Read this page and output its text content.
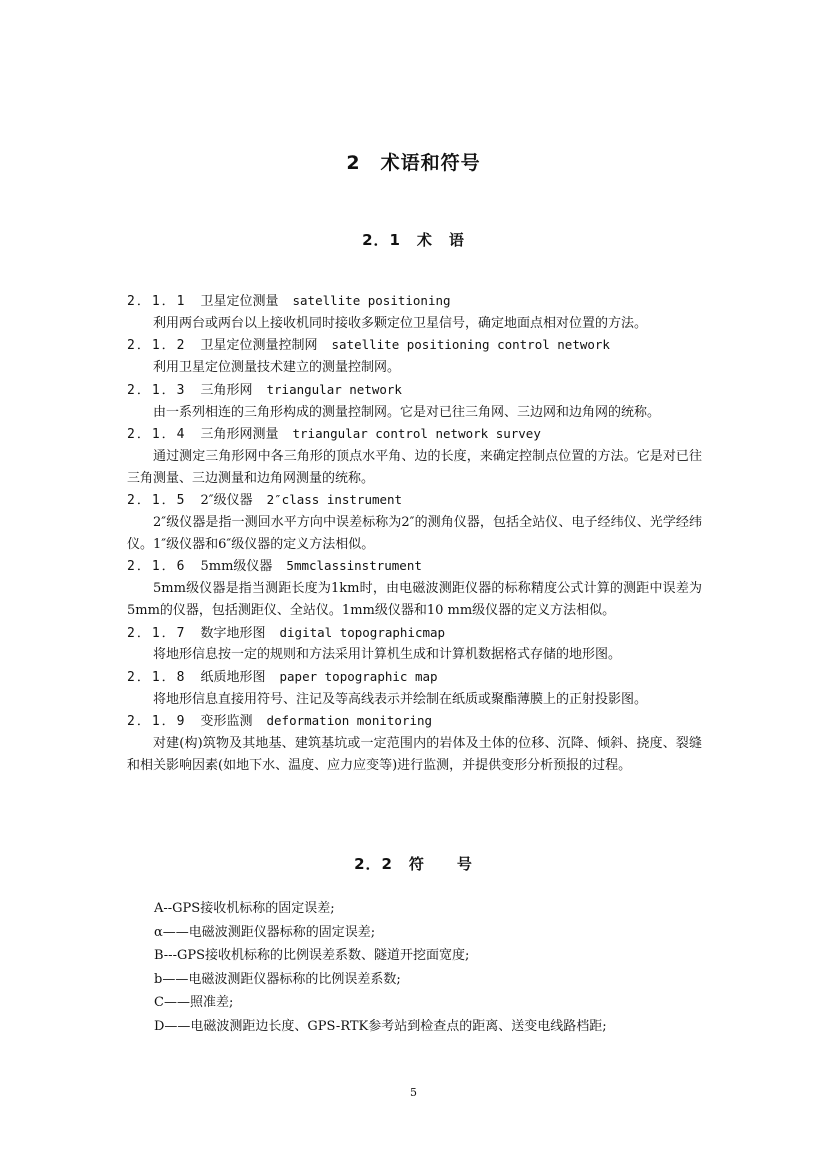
2　术语和符号
2．1　术　语
2．1．1 卫星定位测量 satellite positioning
利用两台或两台以上接收机同时接收多颗定位卫星信号，确定地面点相对位置的方法。
2．1．2 卫星定位测量控制网 satellite positioning control network
利用卫星定位测量技术建立的测量控制网。
2．1．3 三角形网 triangular network
由一系列相连的三角形构成的测量控制网。它是对已往三角网、三边网和边角网的统称。
2．1．4 三角形网测量 triangular control network survey
通过测定三角形网中各三角形的顶点水平角、边的长度，来确定控制点位置的方法。它是对已往三角测量、三边测量和边角网测量的统称。
2．1．5 2″级仪器 2″class instrument
2″级仪器是指一测回水平方向中误差标称为2″的测角仪器，包括全站仪、电子经纬仪、光学经纬仪。1″级仪器和6″级仪器的定义方法相似。
2．1．6 5mm级仪器 5mmclassinstrument
5mm级仪器是指当测距长度为1km时，由电磁波测距仪器的标称精度公式计算的测距中误差为5mm的仪器，包括测距仪、全站仪。1mm级仪器和10 mm级仪器的定义方法相似。
2．1．7 数字地形图 digital topographicmap
将地形信息按一定的规则和方法采用计算机生成和计算机数据格式存储的地形图。
2．1．8 纸质地形图 paper topographic map
将地形信息直接用符号、注记及等高线表示并绘制在纸质或聚酯薄膜上的正射投影图。
2．1．9 变形监测 deformation monitoring
对建(构)筑物及其地基、建筑基坑或一定范围内的岩体及土体的位移、沉降、倾斜、挠度、裂缝和相关影响因素(如地下水、温度、应力应变等)进行监测，并提供变形分析预报的过程。
2．2　符　　号
A--GPS接收机标称的固定误差;
α——电磁波测距仪器标称的固定误差;
B---GPS接收机标称的比例误差系数、隧道开挖面宽度;
b——电磁波测距仪器标称的比例误差系数;
C——照准差;
D——电磁波测距边长度、GPS-RTK参考站到检查点的距离、送变电线路档距;
5
